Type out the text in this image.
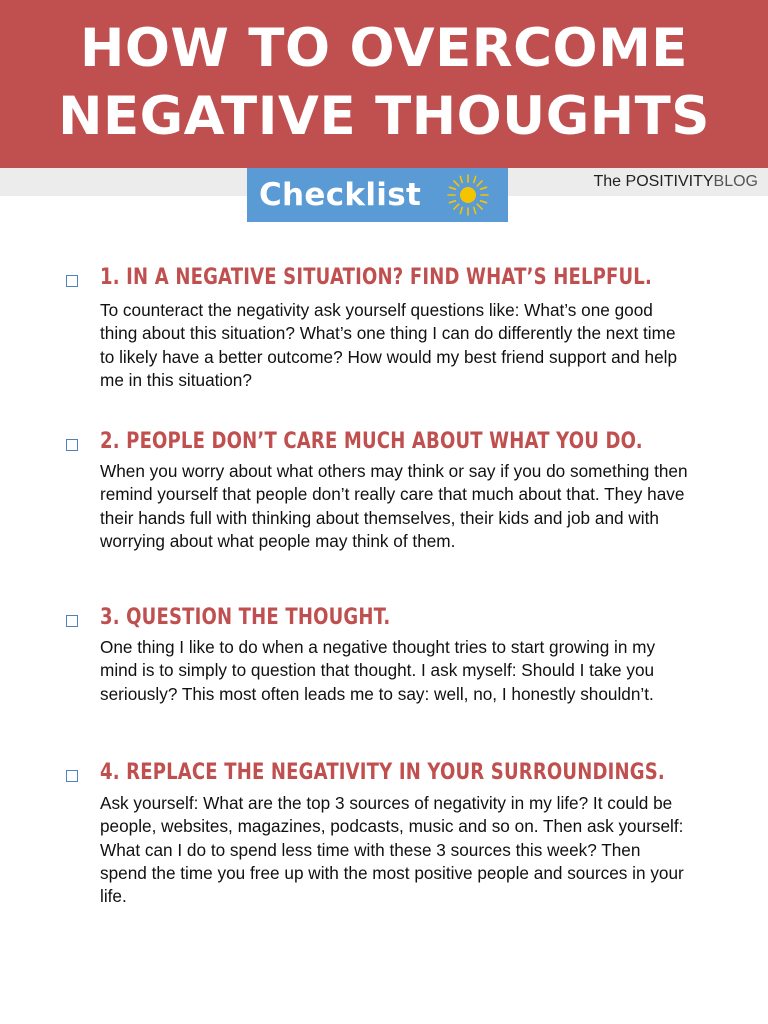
HOW TO OVERCOME
NEGATIVE THOUGHTS
Checklist	The POSITIVITYBLOG
1. IN A NEGATIVE SITUATION? FIND WHAT’S HELPFUL.
To counteract the negativity ask yourself questions like: What’s one good thing about this situation? What’s one thing I can do differently the next time to likely have a better outcome? How would my best friend support and help me in this situation?
2. PEOPLE DON’T CARE MUCH ABOUT WHAT YOU DO.
When you worry about what others may think or say if you do something then remind yourself that people don’t really care that much about that. They have their hands full with thinking about themselves, their kids and job and with worrying about what people may think of them.
3. QUESTION THE THOUGHT.
One thing I like to do when a negative thought tries to start growing in my mind is to simply to question that thought. I ask myself: Should I take you seriously? This most often leads me to say: well, no, I honestly shouldn’t.
4. REPLACE THE NEGATIVITY IN YOUR SURROUNDINGS.
Ask yourself: What are the top 3 sources of negativity in my life? It could be people, websites, magazines, podcasts, music and so on. Then ask yourself: What can I do to spend less time with these 3 sources this week? Then spend the time you free up with the most positive people and sources in your life.
